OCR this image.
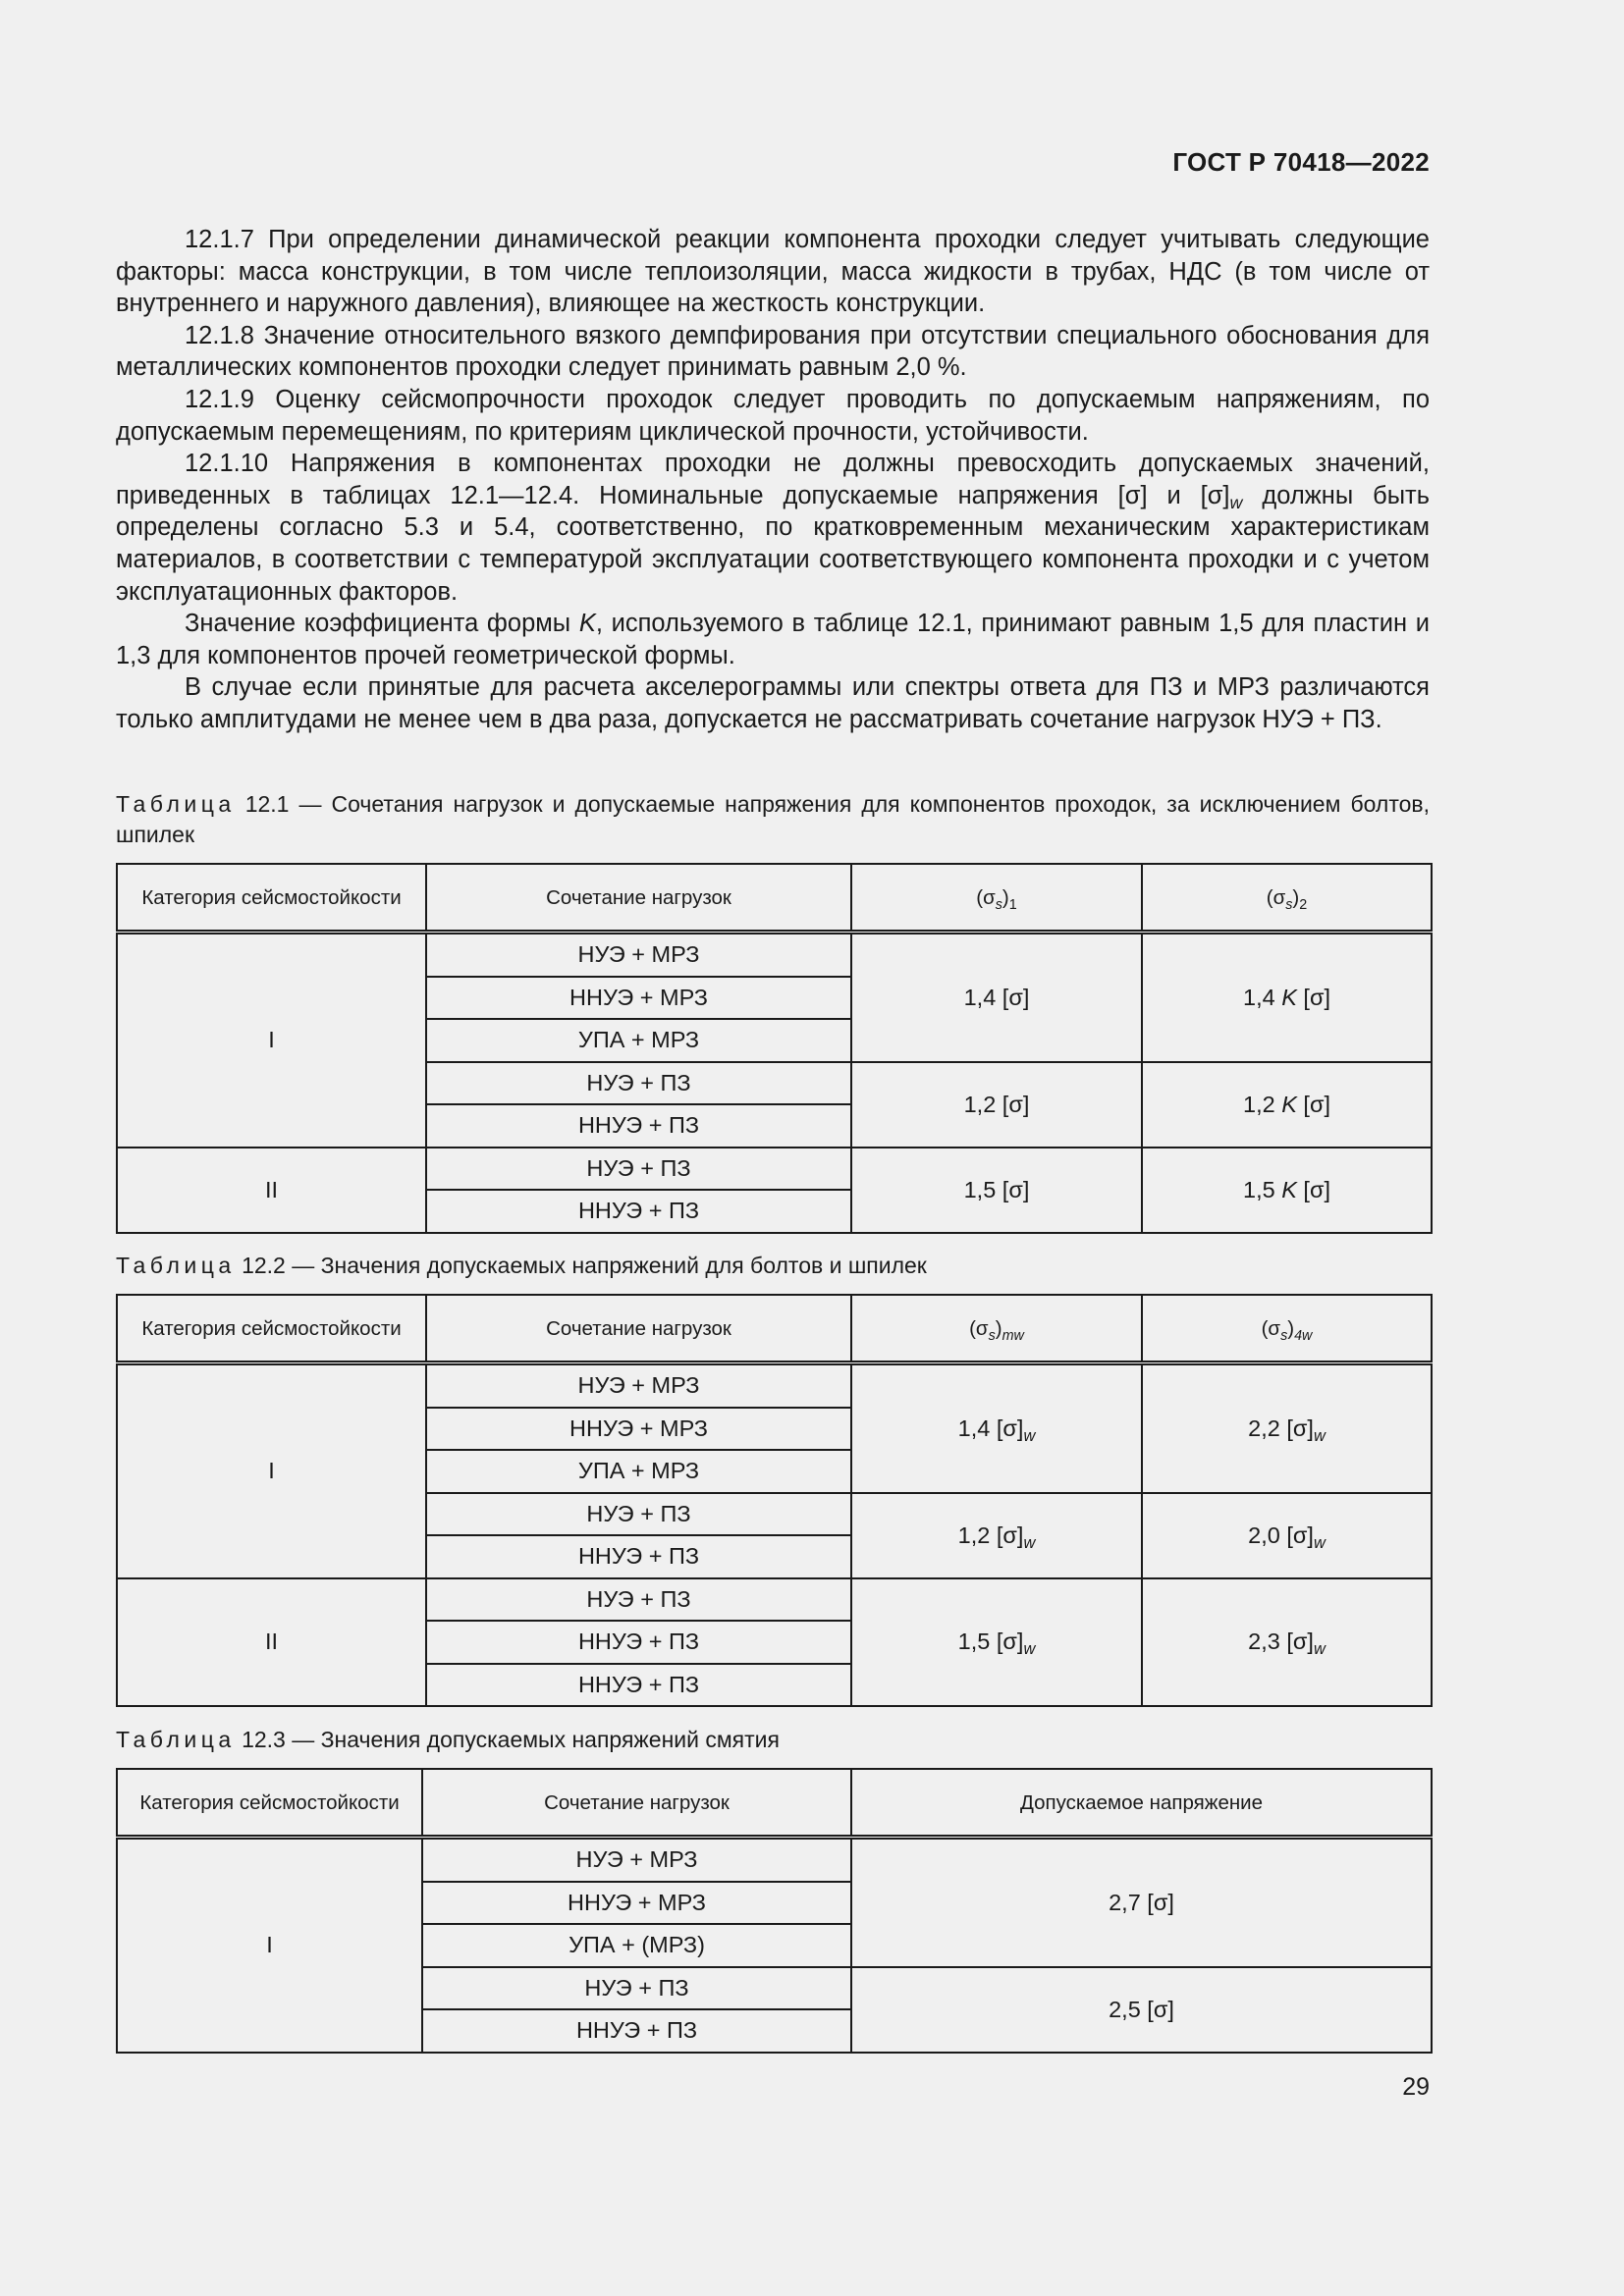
ГОСТ Р 70418—2022

12.1.7 При определении динамической реакции компонента проходки следует учитывать следующие факторы: масса конструкции, в том числе теплоизоляции, масса жидкости в трубах, НДС (в том числе от внутреннего и наружного давления), влияющее на жесткость конструкции.

12.1.8 Значение относительного вязкого демпфирования при отсутствии специального обоснования для металлических компонентов проходки следует принимать равным 2,0 %.

12.1.9 Оценку сейсмопрочности проходок следует проводить по допускаемым напряжениям, по допускаемым перемещениям, по критериям циклической прочности, устойчивости.

12.1.10 Напряжения в компонентах проходки не должны превосходить допускаемых значений, приведенных в таблицах 12.1—12.4. Номинальные допускаемые напряжения [σ] и $[\sigma]_w$ должны быть определены согласно 5.3 и 5.4, соответственно, по кратковременным механическим характеристикам материалов, в соответствии с температурой эксплуатации соответствующего компонента проходки и с учетом эксплуатационных факторов.

Значение коэффициента формы K, используемого в таблице 12.1, принимают равным 1,5 для пластин и 1,3 для компонентов прочей геометрической формы.

В случае если принятые для расчета акселерограммы или спектры ответа для ПЗ и МРЗ различаются только амплитудами не менее чем в два раза, допускается не рассматривать сочетание нагрузок НУЭ + ПЗ.

Таблица 12.1 — Сочетания нагрузок и допускаемые напряжения для компонентов проходок, за исключением болтов, шпилек
Категория сейсмостойкости	Сочетание нагрузок	$(\sigma_s)_1$	$(\sigma_s)_2$
I	НУЭ + МРЗ	1,4 [σ]	1,4 K [σ]
	ННУЭ + МРЗ		
	УПА + МРЗ		
	НУЭ + ПЗ	1,2 [σ]	1,2 K [σ]
	ННУЭ + ПЗ		
II	НУЭ + ПЗ	1,5 [σ]	1,5 K [σ]
	ННУЭ + ПЗ		
Таблица 12.2 — Значения допускаемых напряжений для болтов и шпилек
Категория сейсмостойкости	Сочетание нагрузок	$(\sigma_s)_{mw}$	$(\sigma_s)_{4w}$
I	НУЭ + МРЗ	1,4 $[\sigma]_w$	2,2 $[\sigma]_w$
	ННУЭ + МРЗ		
	УПА + МРЗ		
	НУЭ + ПЗ	1,2 $[\sigma]_w$	2,0 $[\sigma]_w$
	ННУЭ + ПЗ		
II	НУЭ + ПЗ	1,5 $[\sigma]_w$	2,3 $[\sigma]_w$
	ННУЭ + ПЗ		
	ННУЭ + ПЗ		
Таблица 12.3 — Значения допускаемых напряжений смятия
Категория сейсмостойкости	Сочетание нагрузок	Допускаемое напряжение
I	НУЭ + МРЗ	2,7 [σ]
	ННУЭ + МРЗ	
	УПА + (МРЗ)	
	НУЭ + ПЗ	2,5 [σ]
	ННУЭ + ПЗ	
29
